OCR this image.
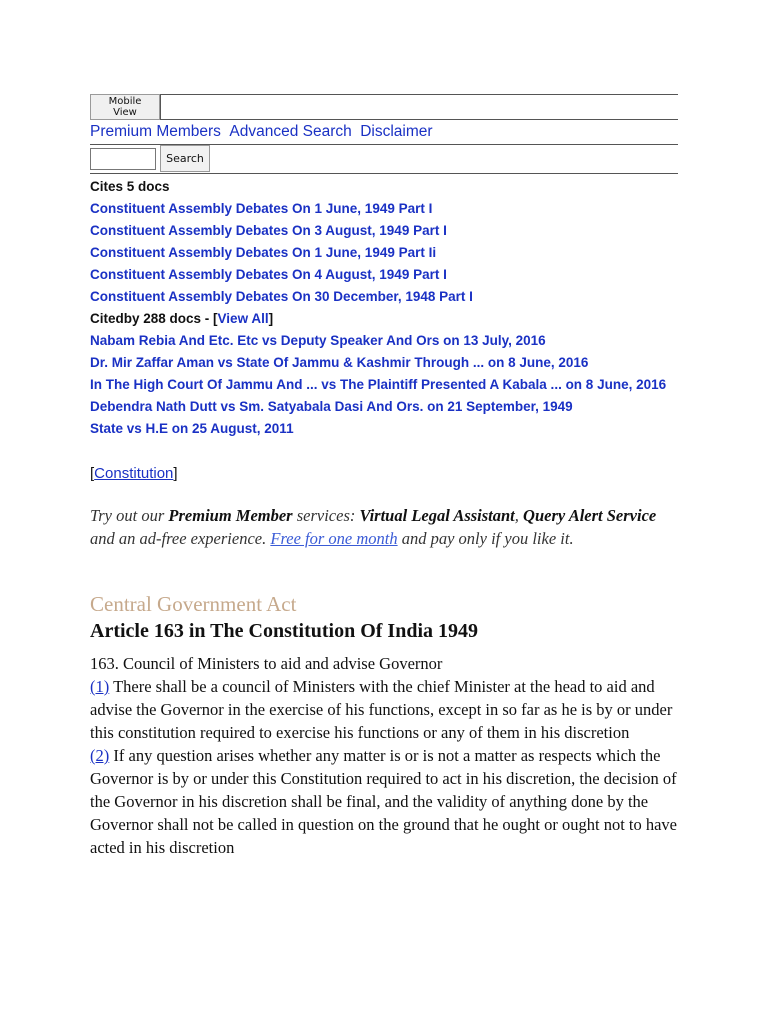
Mobile View
Premium Members Advanced Search Disclaimer
Search
Cites 5 docs
Constituent Assembly Debates On 1 June, 1949 Part I
Constituent Assembly Debates On 3 August, 1949 Part I
Constituent Assembly Debates On 1 June, 1949 Part Ii
Constituent Assembly Debates On 4 August, 1949 Part I
Constituent Assembly Debates On 30 December, 1948 Part I
Citedby 288 docs - [View All]
Nabam Rebia And Etc. Etc vs Deputy Speaker And Ors on 13 July, 2016
Dr. Mir Zaffar Aman vs State Of Jammu & Kashmir Through ... on 8 June, 2016
In The High Court Of Jammu And ... vs The Plaintiff Presented A Kabala ... on 8 June, 2016
Debendra Nath Dutt vs Sm. Satyabala Dasi And Ors. on 21 September, 1949
State vs H.E on 25 August, 2011
[Constitution]
Try out our Premium Member services: Virtual Legal Assistant, Query Alert Service and an ad-free experience. Free for one month and pay only if you like it.
Central Government Act
Article 163 in The Constitution Of India 1949
163. Council of Ministers to aid and advise Governor
(1) There shall be a council of Ministers with the chief Minister at the head to aid and advise the Governor in the exercise of his functions, except in so far as he is by or under this constitution required to exercise his functions or any of them in his discretion
(2) If any question arises whether any matter is or is not a matter as respects which the Governor is by or under this Constitution required to act in his discretion, the decision of the Governor in his discretion shall be final, and the validity of anything done by the Governor shall not be called in question on the ground that he ought or ought not to have acted in his discretion
